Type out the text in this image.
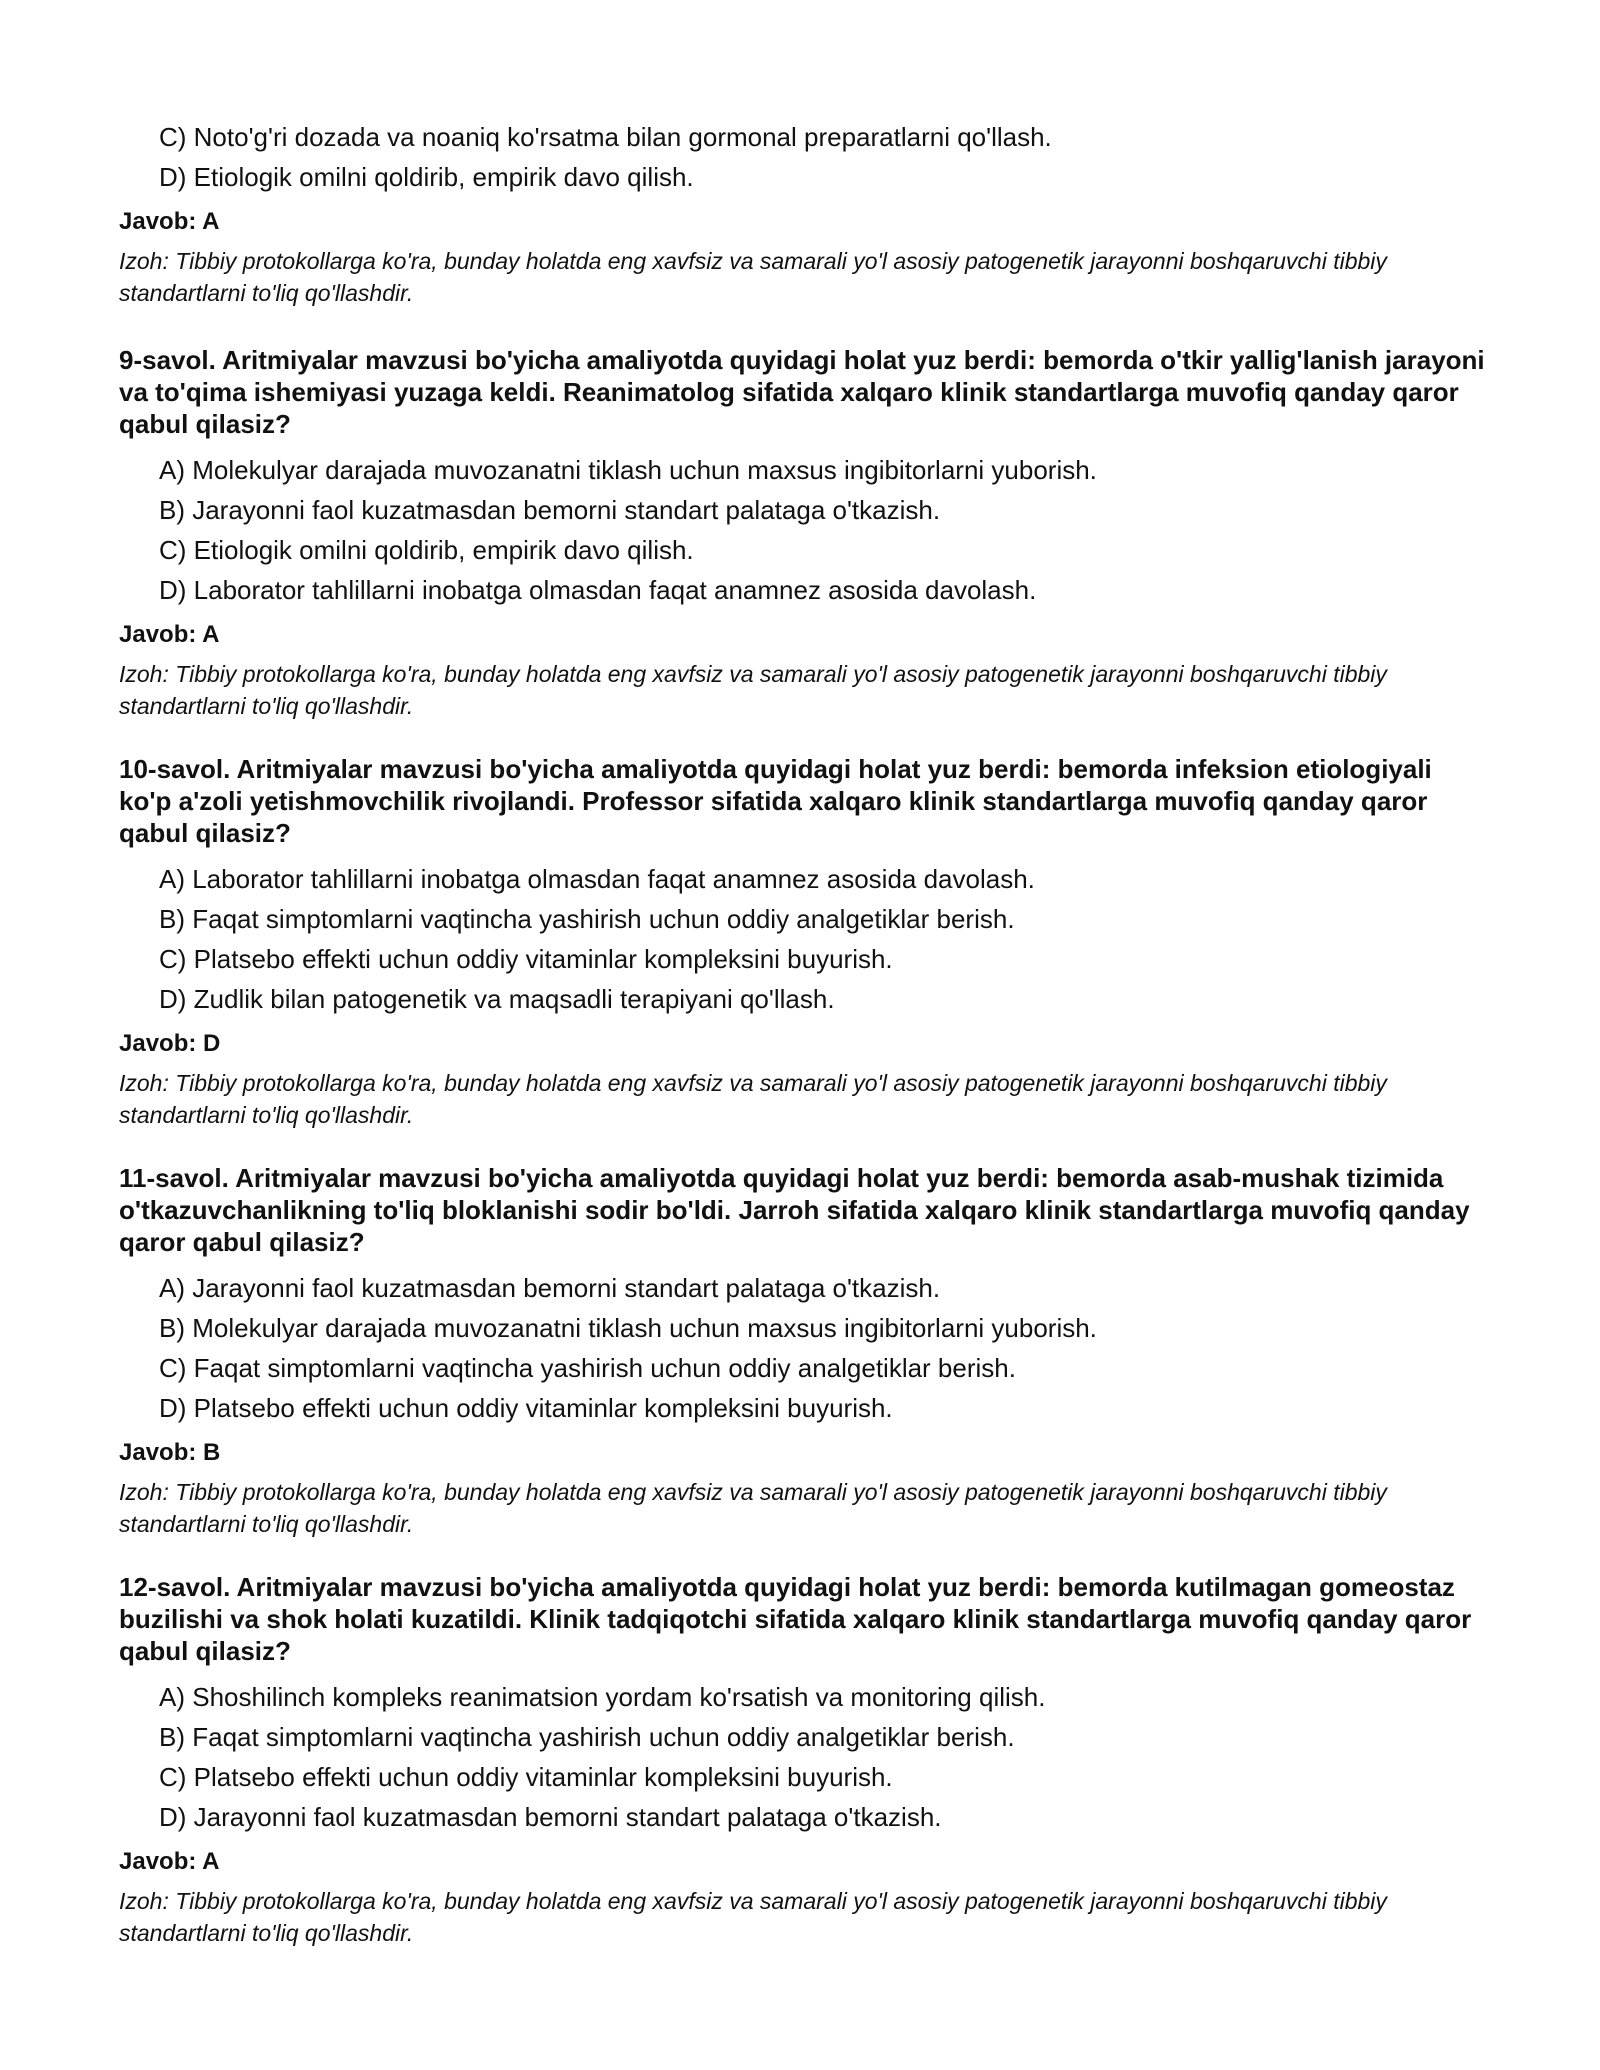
C) Noto'g'ri dozada va noaniq ko'rsatma bilan gormonal preparatlarni qo'llash.
D) Etiologik omilni qoldirib, empirik davo qilish.
Javob: A
Izoh: Tibbiy protokollarga ko'ra, bunday holatda eng xavfsiz va samarali yo'l asosiy patogenetik jarayonni boshqaruvchi tibbiy standartlarni to'liq qo'llashdir.
9-savol. Aritmiyalar mavzusi bo'yicha amaliyotda quyidagi holat yuz berdi: bemorda o'tkir yallig'lanish jarayoni va to'qima ishemiyasi yuzaga keldi. Reanimatolog sifatida xalqaro klinik standartlarga muvofiq qanday qaror qabul qilasiz?
A) Molekulyar darajada muvozanatni tiklash uchun maxsus ingibitorlarni yuborish.
B) Jarayonni faol kuzatmasdan bemorni standart palataga o'tkazish.
C) Etiologik omilni qoldirib, empirik davo qilish.
D) Laborator tahlillarni inobatga olmasdan faqat anamnez asosida davolash.
Javob: A
Izoh: Tibbiy protokollarga ko'ra, bunday holatda eng xavfsiz va samarali yo'l asosiy patogenetik jarayonni boshqaruvchi tibbiy standartlarni to'liq qo'llashdir.
10-savol. Aritmiyalar mavzusi bo'yicha amaliyotda quyidagi holat yuz berdi: bemorda infeksion etiologiyali ko'p a'zoli yetishmovchilik rivojlandi. Professor sifatida xalqaro klinik standartlarga muvofiq qanday qaror qabul qilasiz?
A) Laborator tahlillarni inobatga olmasdan faqat anamnez asosida davolash.
B) Faqat simptomlarni vaqtincha yashirish uchun oddiy analgetiklar berish.
C) Platsebo effekti uchun oddiy vitaminlar kompleksini buyurish.
D) Zudlik bilan patogenetik va maqsadli terapiyani qo'llash.
Javob: D
Izoh: Tibbiy protokollarga ko'ra, bunday holatda eng xavfsiz va samarali yo'l asosiy patogenetik jarayonni boshqaruvchi tibbiy standartlarni to'liq qo'llashdir.
11-savol. Aritmiyalar mavzusi bo'yicha amaliyotda quyidagi holat yuz berdi: bemorda asab-mushak tizimida o'tkazuvchanlikning to'liq bloklanishi sodir bo'ldi. Jarroh sifatida xalqaro klinik standartlarga muvofiq qanday qaror qabul qilasiz?
A) Jarayonni faol kuzatmasdan bemorni standart palataga o'tkazish.
B) Molekulyar darajada muvozanatni tiklash uchun maxsus ingibitorlarni yuborish.
C) Faqat simptomlarni vaqtincha yashirish uchun oddiy analgetiklar berish.
D) Platsebo effekti uchun oddiy vitaminlar kompleksini buyurish.
Javob: B
Izoh: Tibbiy protokollarga ko'ra, bunday holatda eng xavfsiz va samarali yo'l asosiy patogenetik jarayonni boshqaruvchi tibbiy standartlarni to'liq qo'llashdir.
12-savol. Aritmiyalar mavzusi bo'yicha amaliyotda quyidagi holat yuz berdi: bemorda kutilmagan gomeostaz buzilishi va shok holati kuzatildi. Klinik tadqiqotchi sifatida xalqaro klinik standartlarga muvofiq qanday qaror qabul qilasiz?
A) Shoshilinch kompleks reanimatsion yordam ko'rsatish va monitoring qilish.
B) Faqat simptomlarni vaqtincha yashirish uchun oddiy analgetiklar berish.
C) Platsebo effekti uchun oddiy vitaminlar kompleksini buyurish.
D) Jarayonni faol kuzatmasdan bemorni standart palataga o'tkazish.
Javob: A
Izoh: Tibbiy protokollarga ko'ra, bunday holatda eng xavfsiz va samarali yo'l asosiy patogenetik jarayonni boshqaruvchi tibbiy standartlarni to'liq qo'llashdir.
